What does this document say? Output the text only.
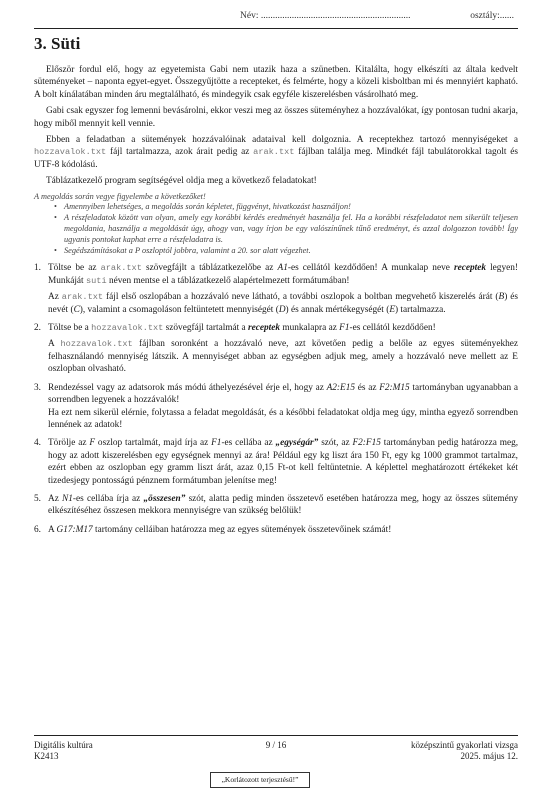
Név: ...............................................................	osztály:......
3. Süti

Először fordul elő, hogy az egyetemista Gabi nem utazik haza a szünetben. Kitalálta, hogy elkészíti az általa kedvelt süteményeket – naponta egyet-egyet. Összegyűjtötte a recepteket, és felmérte, hogy a közeli kisboltban mi és mennyiért kapható. A bolt kínálatában minden áru megtalálható, és mindegyik csak egyféle kiszerelésben vásárolható meg.

Gabi csak egyszer fog lemenni bevásárolni, ekkor veszi meg az összes süteményhez a hozzávalókat, így pontosan tudni akarja, hogy miből mennyit kell vennie.

Ebben a feladatban a sütemények hozzávalóinak adataival kell dolgoznia. A receptekhez tartozó mennyiségeket a hozzavalok.txt fájl tartalmazza, azok árait pedig az arak.txt fájlban találja meg. Mindkét fájl tabulátorokkal tagolt és UTF-8 kódolású.

Táblázatkezelő program segítségével oldja meg a következő feladatokat!

A megoldás során vegye figyelembe a következőket!
• Amennyiben lehetséges, a megoldás során képletet, függvényt, hivatkozást használjon!
• A részfeladatok között van olyan, amely egy korábbi kérdés eredményét használja fel. Ha a korábbi részfeladatot nem sikerült teljesen megoldania, használja a megoldását úgy, ahogy van, vagy írjon be egy valószínűnek tűnő eredményt, és azzal dolgozzon tovább! Így ugyanis pontokat kaphat erre a részfeladatra is.
• Segédszámításokat a P oszloptól jobbra, valamint a 20. sor alatt végezhet.
1. Töltse be az arak.txt szövegfájlt a táblázatkezelőbe az A1-es cellától kezdődően! A munkalap neve receptek legyen! Munkáját suti néven mentse el a táblázatkezelő alapértelmezett formátumában!

Az arak.txt fájl első oszlopában a hozzávaló neve látható, a további oszlopok a boltban megvehető kiszerelés árát (B) és nevét (C), valamint a csomagoláson feltüntetett mennyiségét (D) és annak mértékegységét (E) tartalmazza.

2. Töltse be a hozzavalok.txt szövegfájl tartalmát a receptek munkalapra az F1-es cellától kezdődően!

A hozzavalok.txt fájlban soronként a hozzávaló neve, azt követően pedig a belőle az egyes süteményekhez felhasználandó mennyiség látszik. A mennyiséget abban az egységben adjuk meg, amely a hozzávaló neve mellett az E oszlopban olvasható.

3. Rendezéssel vagy az adatsorok más módú áthelyezésével érje el, hogy az A2:E15 és az F2:M15 tartományban ugyanabban a sorrendben legyenek a hozzávalók!

Ha ezt nem sikerül elérnie, folytassa a feladat megoldását, és a későbbi feladatokat oldja meg úgy, mintha egyező sorrendben lennének az adatok!

4. Törölje az F oszlop tartalmát, majd írja az F1-es cellába az „egységár” szót, az F2:F15 tartományban pedig határozza meg, hogy az adott kiszerelésben egy egységnek mennyi az ára! Például egy kg liszt ára 150 Ft, egy kg 1000 grammot tartalmaz, ezért ebben az oszlopban egy gramm liszt árát, azaz 0,15 Ft-ot kell feltüntetnie. A képlettel meghatározott értékeket két tizedesjegy pontosságú pénznem formátumban jelenítse meg!

5. Az N1-es cellába írja az „összesen” szót, alatta pedig minden összetevő esetében határozza meg, hogy az összes sütemény elkészítéséhez összesen mekkora mennyiségre van szükség belőlük!

6. A G17:M17 tartomány celláiban határozza meg az egyes sütemények összetevőinek számát!

Digitális kultúra
K2413
9 / 16	középszintű gyakorlati vizsga
2025. május 12.
„Korlátozott terjesztésű!”
